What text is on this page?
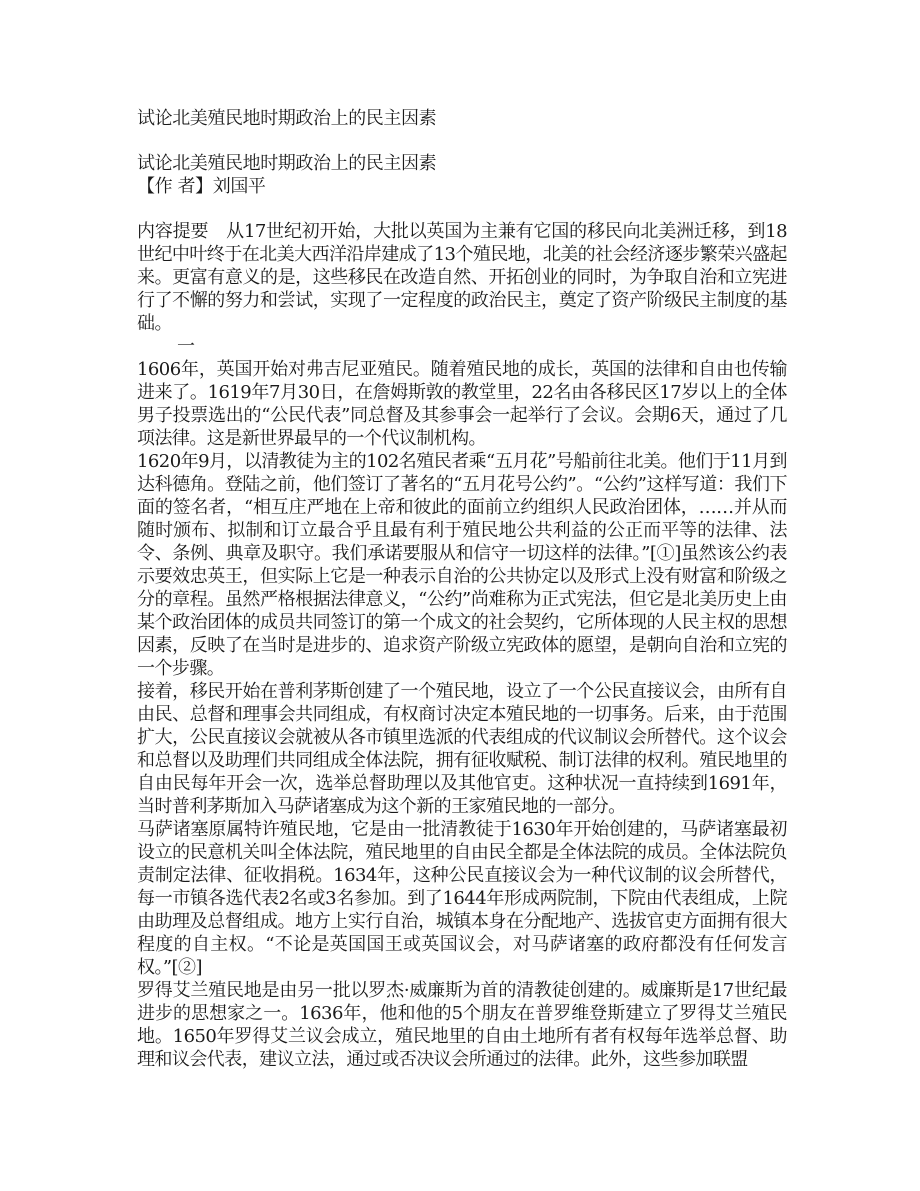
试论北美殖民地时期政治上的民主因素
试论北美殖民地时期政治上的民主因素
【作 者】刘国平

内容提要　从17世纪初开始，大批以英国为主兼有它国的移民向北美洲迁移，到18世纪中叶终于在北美大西洋沿岸建成了13个殖民地，北美的社会经济逐步繁荣兴盛起来。更富有意义的是，这些移民在改造自然、开拓创业的同时，为争取自治和立宪进行了不懈的努力和尝试，实现了一定程度的政治民主，奠定了资产阶级民主制度的基础。

一

1606年，英国开始对弗吉尼亚殖民。随着殖民地的成长，英国的法律和自由也传输进来了。1619年7月30日，在詹姆斯敦的教堂里，22名由各移民区17岁以上的全体男子投票选出的“公民代表”同总督及其参事会一起举行了会议。会期6天，通过了几项法律。这是新世界最早的一个代议制机构。

1620年9月，以清教徒为主的102名殖民者乘“五月花”号船前往北美。他们于11月到达科德角。登陆之前，他们签订了著名的“五月花号公约”。“公约”这样写道：我们下面的签名者，“相互庄严地在上帝和彼此的面前立约组织人民政治团体，……并从而随时颁布、拟制和订立最合乎且最有利于殖民地公共利益的公正而平等的法律、法令、条例、典章及职守。我们承诺要服从和信守一切这样的法律。”[①]虽然该公约表示要效忠英王，但实际上它是一种表示自治的公共协定以及形式上没有财富和阶级之分的章程。虽然严格根据法律意义，“公约”尚难称为正式宪法，但它是北美历史上由某个政治团体的成员共同签订的第一个成文的社会契约，它所体现的人民主权的思想因素，反映了在当时是进步的、追求资产阶级立宪政体的愿望，是朝向自治和立宪的一个步骤。

接着，移民开始在普利茅斯创建了一个殖民地，设立了一个公民直接议会，由所有自由民、总督和理事会共同组成，有权商讨决定本殖民地的一切事务。后来，由于范围扩大，公民直接议会就被从各市镇里选派的代表组成的代议制议会所替代。这个议会和总督以及助理们共同组成全体法院，拥有征收赋税、制订法律的权利。殖民地里的自由民每年开会一次，选举总督助理以及其他官吏。这种状况一直持续到1691年，当时普利茅斯加入马萨诸塞成为这个新的王家殖民地的一部分。

马萨诸塞原属特许殖民地，它是由一批清教徒于1630年开始创建的，马萨诸塞最初设立的民意机关叫全体法院，殖民地里的自由民全都是全体法院的成员。全体法院负责制定法律、征收捐税。1634年，这种公民直接议会为一种代议制的议会所替代，每一市镇各选代表2名或3名参加。到了1644年形成两院制，下院由代表组成，上院由助理及总督组成。地方上实行自治，城镇本身在分配地产、选拔官吏方面拥有很大程度的自主权。“不论是英国国王或英国议会，对马萨诸塞的政府都没有任何发言权。”[②]

罗得艾兰殖民地是由另一批以罗杰·威廉斯为首的清教徒创建的。威廉斯是17世纪最进步的思想家之一。1636年，他和他的5个朋友在普罗维登斯建立了罗得艾兰殖民地。1650年罗得艾兰议会成立，殖民地里的自由土地所有者有权每年选举总督、助理和议会代表，建议立法，通过或否决议会所通过的法律。此外，这些参加联盟
